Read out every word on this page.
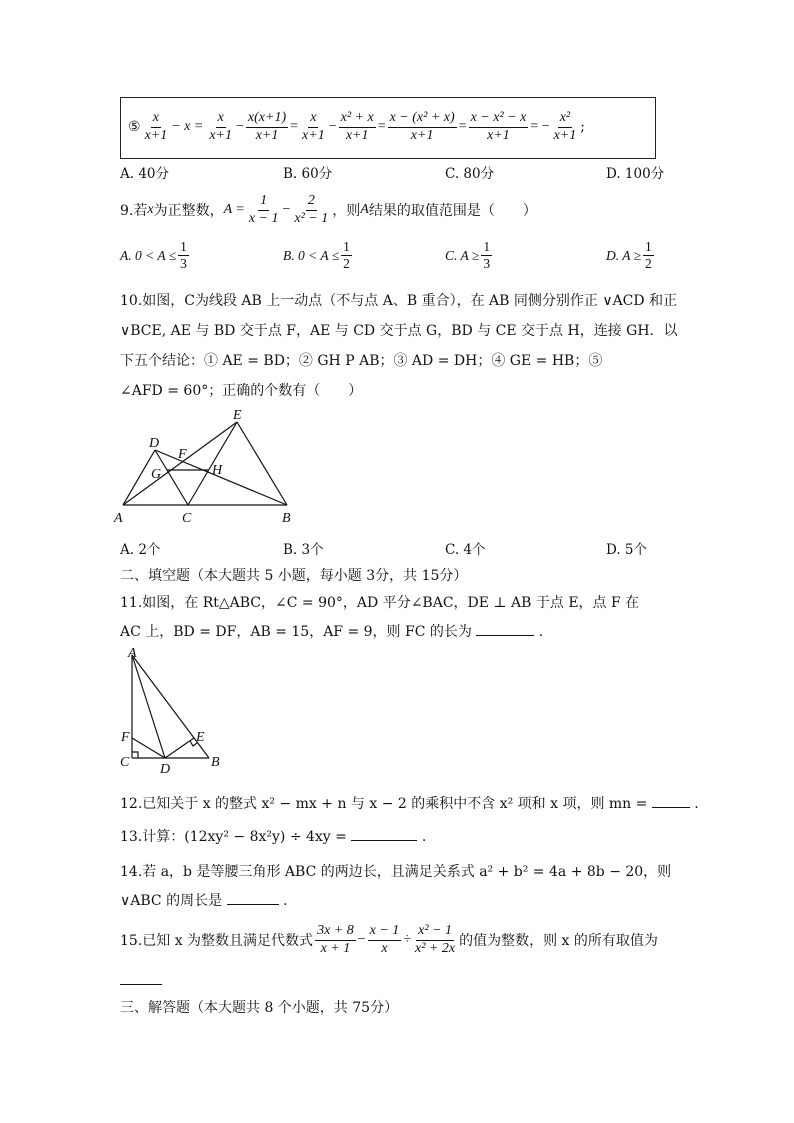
⑤ $\frac{x}{x+1} - x = \frac{x}{x+1} - \frac{x(x+1)}{x+1} = \frac{x}{x+1} - \frac{\text{x² + x}}{x+1} = \frac{\text{x − (x² + x)}}{x+1} = \frac{\text{x − x² − x}}{x+1}$ = − $\frac{\text{x²}}{x+1}$ ;
A. 40分	B. 60分	C. 80分	D. 100分
9.若 x 为正整数， $A = \frac{1}{x - 1} - \frac{2}{\text{x² − 1}}$ ，则 A 结果的取值范围是（　　）
A. $0 < A \le \frac{1}{3}$	B. $0 < A \le \frac{1}{2}$	C. $A \ge \frac{1}{3}$	D. $A \ge \frac{1}{2}$
10.如图，C为线段 AB 上一动点（不与点 A、B 重合），在 AB 同侧分别作正 ∨ACD 和正
∨BCE, AE 与 BD 交于点 F，AE 与 CD 交于点 G，BD 与 CE 交于点 H，连接 GH．以
下五个结论：① AE = BD；② GH P AB；③ AD = DH；④ GE = HB；⑤
∠AFD = 60°；正确的个数有（　　）
A	C	B
D
E
F
G	H
A. 2个	B. 3个	C. 4个	D. 5个
二、填空题（本大题共 5 小题，每小题 3分，共 15分）
11.如图，在 Rt△ABC，∠C = 90°，AD 平分∠BAC，DE ⊥ AB 于点 E，点 F 在
AC 上，BD = DF，AB = 15，AF = 9，则 FC 的长为	.
A
F
C D	B
E
12.已知关于 x 的整式 x² − mx + n 与 x − 2 的乘积中不含 x² 项和 x 项，则 mn =	.
13.计算：(12xy² − 8x²y) ÷ 4xy =	.
14.若 a，b 是等腰三角形 ABC 的两边长，且满足关系式 a² + b² = 4a + 8b − 20，则
∨ABC 的周长是	.
15.已知 x 为整数且满足代数式 $\frac{3x + 8}{x + 1} - \frac{x - 1}{x} \div \frac{\text{x² − 1}}{\text{x² + 2x}}$ 的值为整数，则 x 的所有取值为
三、解答题（本大题共 8 个小题，共 75分）
